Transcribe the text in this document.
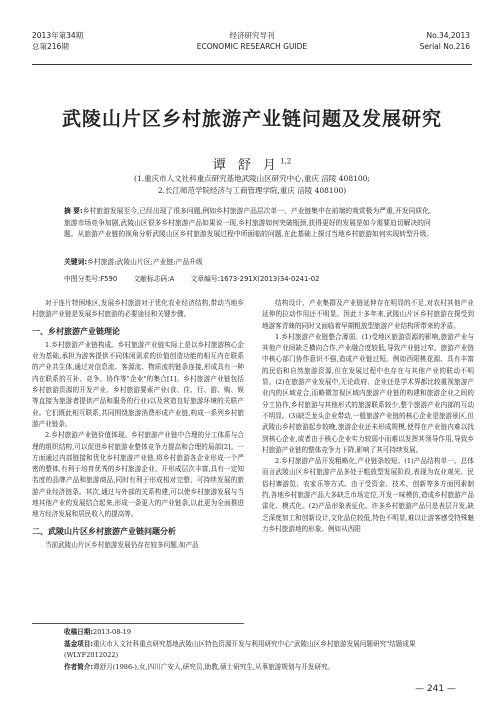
2013年第34期
总第216期
经济研究导刊
ECONOMIC RESEARCH GUIDE
No.34,2013
Serial No.216
武陵山片区乡村旅游产业链问题及发展研究
谭 舒 月$^{1,2}$
(1.重庆市人文社科重点研究基地武陵山区研究中心,重庆 涪陵 408100;
2.长江师范学院经济与工商管理学院,重庆 涪陵 408100)
摘 要:乡村旅游发展至今,已经出现了很多问题,例如乡村旅游产品层次单一、产业链集中在前端的观赏极为严重,开发同质化、旅游市场竞争加剧,武陵山区很多乡村旅游产品如果说一现,乡村旅游如何突破瓶颈,获得更好的发展是如今需要迫切解决的问题。从旅游产业链的视角分析武陵山区乡村旅游发展过程中所面临的问题,在此基础上探讨当地乡村旅游如何实现转型升级。
关键词:乡村旅游;武陵山片区;产业链;产品升级
中图分类号:F590 文献标志码:A 文章编号:1673-291X(2013)34-0241-02

对于连片特困地区,发展乡村旅游对于优化农业经济结构,带动当地乡村旅游产业链是发展乡村旅游的必要途径和关键步骤。

一、乡村旅游产业链理论

1.乡村旅游产业链构成。乡村旅游产业链实际上是以乡村旅游核心企业为基础,承担为游客提供不同体闲需求的价值创造功能的相互内在联系的产业共生体,通过对信息流、客源流、物质流的链条连接,形成具有一种内在联系的互补、竞争、协作等"企业"的集合[1]。乡村旅游产业链包括乡村旅游资源的开发产业、乡村旅游要素产业(食、住、行、游、购、娱等直接为旅游者提供产品和服务的行业)以及营造良好旅游环境的关联产业。它们既此相互联系,共同围绕旅游消费形成产业链,构成一系列乡村旅游产业链条。

2.乡村旅游产业链价值体现。乡村旅游产业链中合理的分工体系与合理的组织结构,可以促进乡村旅游业整体竞争力提高和合理的局部[2]。一方面通过内部链接和优化乡村旅游产业链,将乡村旅游各企业形成一个严密的整体,有利于培育优秀的乡村旅游企业、开形成层次丰富,具有一定知名度的品牌产品和旅游商品,同时有利于形成相对完整、可持续发展的旅游产业经济链条。其次,通过与外部的关系构建,可以使乡村旅游发展与当地其他产业的发展结合起来,形成一条更大的产业链条,以此更为全面推进地方经济发展和居民收入的提高等。

二、武陵山片区乡村旅游产业链问题分析

当前武陵山片区乡村旅游发展仍存在较多问题,如产品

结构设计、产业集群及产业链延伸存在明显的不足,对农村其他产业延伸的拉动作用还不明显。因此十多年来,武陵山片区乡村旅游在探受到地游客青睐的同时又面临着早期粗放型旅游产业结构所带来的矛盾。

1.乡村旅游产业链整合薄弱。(1)受地区旅游资源的影响,旅游产业与其他产业间缺乏横向合作,产业融合度较低,导致产业链过窄。旅游产业链中核心部门协作意识不强,造成产业链过短。例如西阳桃花源、具有丰富的民俗和自然旅游资源,但在发展过程中也存在与其他产业的联动不明显。(2)在旅游产业发展中,无论政府、企业还是学术界都比较重视旅游产业内的区域竞合,而略微忽视区域内旅游产业链的构建和旅游企业之间的分工协作,乡村旅游与其他形式的旅游联系较少,整个旅游产业内部的互动不明显。(3)缺乏龙头企业带动,一般旅游产业链的核心企业是旅游景区,但武陵山乡村旅游起步较晚,旅游企业还未形成规模,使得在产业链内难以找到核心企业,或者由于核心企业实力较弱小而难以发挥其领导作用,导致乡村旅游产业链的整体竞争力下降,影响了其可持续发展。

2.乡村旅游产品开发粗略化,产业链条较短。(1)产品结构单一。总体而言武陵山区乡村旅游产品多处于粗放型发展阶段,表现为农业观光、民俗村寨游览、农家乐等方式。由于受资金、技术、创新等多方面因素制约,各地乡村旅游产品大多缺乏市场定位,开发一味模仿,造成乡村旅游产品雷化、模式化。(2)产品形象表征化。许多乡村旅游产品只是表层开发,缺乏深度加工和创新设计,文化品位较低,特色不明显,难以让游客感受特殊魅力乡村旅游地的形象。例如从西阳

收稿日期:2013-08-19
基金项目:重庆市人文社科重点研究基地武陵山区特色资源开发与利用研究中心"武陵山区乡村旅游发展问题研究"结题成果(WLYF2012022)
作者简介:谭舒月(1986-),女,四川广安人,研究员,助教,硕士研究生,从事旅游规划与开发研究。
— 241 —
